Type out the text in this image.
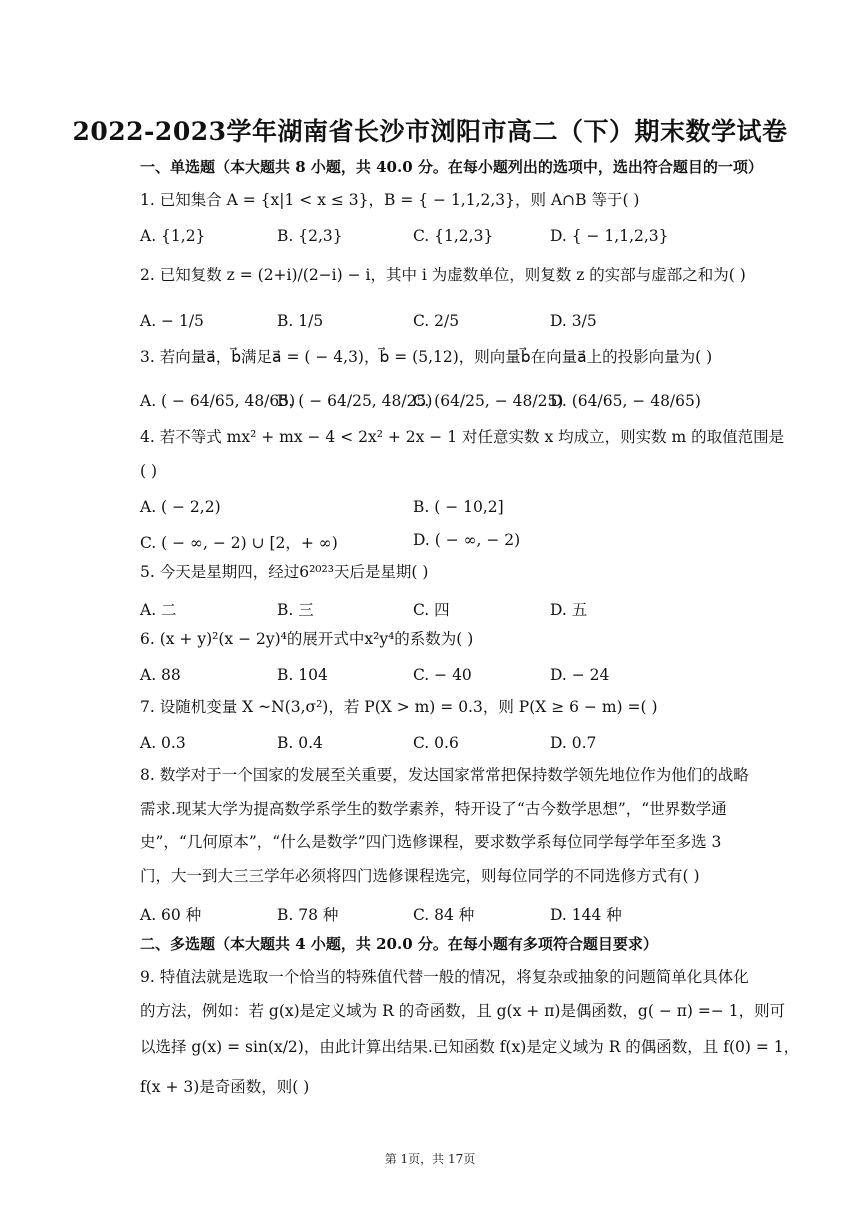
2022-2023学年湖南省长沙市浏阳市高二（下）期末数学试卷
一、单选题（本大题共 8 小题，共 40.0 分。在每小题列出的选项中，选出符合题目的一项）
1. 已知集合 A = {x|1 < x ≤ 3}，B = { − 1,1,2,3}，则 A∩B 等于( )
A. {1,2}	B. {2,3}	C. {1,2,3}	D. { − 1,1,2,3}
2. 已知复数 z = (2+i)/(2−i) − i，其中 i 为虚数单位，则复数 z 的实部与虚部之和为( )
A. − 1/5	B. 1/5	C. 2/5	D. 3/5
3. 若向量a⃗，b⃗满足a⃗ = ( − 4,3)，b⃗ = (5,12)，则向量b⃗在向量a⃗上的投影向量为( )
A. ( − 64/65, 48/65)
B. ( − 64/25, 48/25)
C. (64/25, − 48/25)
D. (64/65, − 48/65)
4. 若不等式 mx² + mx − 4 < 2x² + 2x − 1 对任意实数 x 均成立，则实数 m 的取值范围是
( )
A. ( − 2,2)	B. ( − 10,2]
C. ( − ∞, − 2) ∪ [2，+ ∞)	D. ( − ∞, − 2)
5. 今天是星期四，经过6²⁰²³天后是星期( )
A. 二	B. 三	C. 四	D. 五
6. (x + y)²(x − 2y)⁴的展开式中x²y⁴的系数为( )
A. 88	B. 104	C. − 40	D. − 24
7. 设随机变量 X ~N(3,σ²)，若 P(X > m) = 0.3，则 P(X ≥ 6 − m) =( )
A. 0.3	B. 0.4	C. 0.6	D. 0.7
8. 数学对于一个国家的发展至关重要，发达国家常常把保持数学领先地位作为他们的战略
需求.现某大学为提高数学系学生的数学素养，特开设了“古今数学思想”，“世界数学通
史”，“几何原本”，“什么是数学”四门选修课程，要求数学系每位同学每学年至多选 3
门，大一到大三三学年必须将四门选修课程选完，则每位同学的不同选修方式有( )
A. 60 种	B. 78 种	C. 84 种	D. 144 种
二、多选题（本大题共 4 小题，共 20.0 分。在每小题有多项符合题目要求）
9. 特值法就是选取一个恰当的特殊值代替一般的情况，将复杂或抽象的问题简单化具体化
的方法，例如：若 g(x)是定义域为 R 的奇函数，且 g(x + π)是偶函数，g( − π) =− 1，则可
以选择 g(x) = sin(x/2)，由此计算出结果.已知函数 f(x)是定义域为 R 的偶函数，且 f(0) = 1，
f(x + 3)是奇函数，则( )
第 1页，共 17页
